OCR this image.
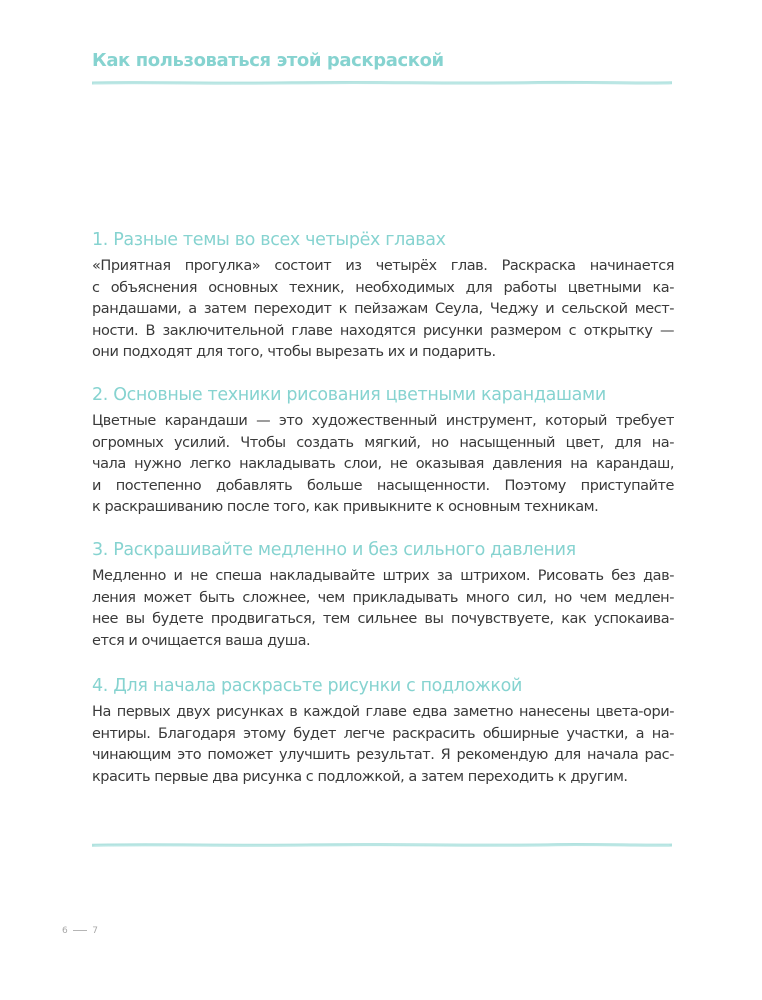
Как пользоваться этой раскраской
1. Разные темы во всех четырёх главах
«Приятная прогулка» состоит из четырёх глав. Раскраска начинается
с объяснения основных техник, необходимых для работы цветными ка-
рандашами, а затем переходит к пейзажам Сеула, Чеджу и сельской мест-
ности. В заключительной главе находятся рисунки размером с открытку —
они подходят для того, чтобы вырезать их и подарить.
2. Основные техники рисования цветными карандашами
Цветные карандаши — это художественный инструмент, который требует
огромных усилий. Чтобы создать мягкий, но насыщенный цвет, для на-
чала нужно легко накладывать слои, не оказывая давления на карандаш,
и постепенно добавлять больше насыщенности. Поэтому приступайте
к раскрашиванию после того, как привыкните к основным техникам.
3. Раскрашивайте медленно и без сильного давления
Медленно и не спеша накладывайте штрих за штрихом. Рисовать без дав-
ления может быть сложнее, чем прикладывать много сил, но чем медлен-
нее вы будете продвигаться, тем сильнее вы почувствуете, как успокаива-
ется и очищается ваша душа.
4. Для начала раскрасьте рисунки с подложкой
На первых двух рисунках в каждой главе едва заметно нанесены цвета-ори-
ентиры. Благодаря этому будет легче раскрасить обширные участки, а на-
чинающим это поможет улучшить результат. Я рекомендую для начала рас-
красить первые два рисунка с подложкой, а затем переходить к другим.
6	7
